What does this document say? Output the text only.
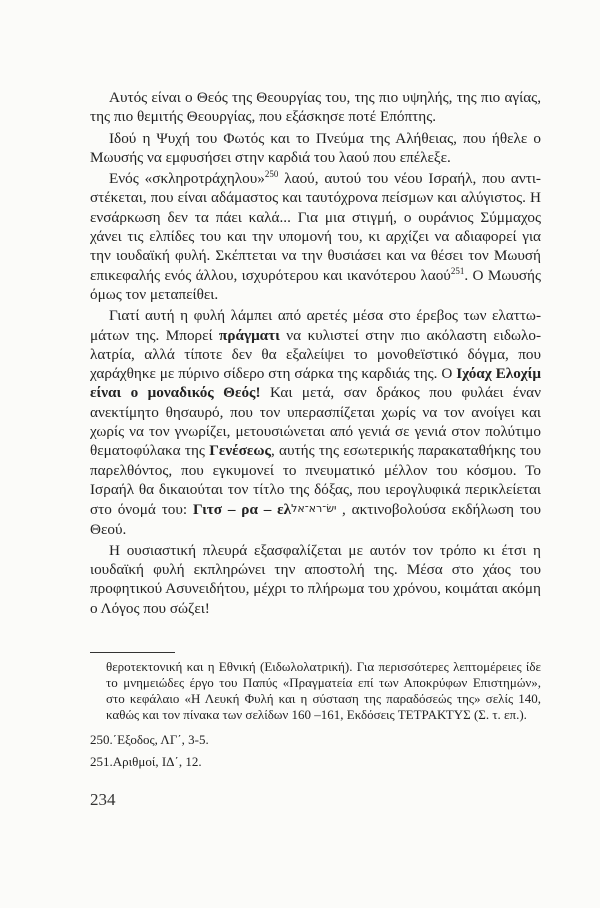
Αυτός είναι ο Θεός της Θεουργίας του, της πιο υψηλής, της πιο αγίας, της πιο θεμιτής Θεουργίας, που εξάσκησε ποτέ Επόπτης.

Ιδού η Ψυχή του Φωτός και το Πνεύμα της Αλήθειας, που ήθελε ο Μωυσής να εμφυσήσει στην καρδιά του λαού που επέλεξε.

Ενός «σκληροτράχηλου»$^{250}$ λαού, αυτού του νέου Ισραήλ, που αντιστέκεται, που είναι αδάμαστος και ταυτόχρονα πείσμων και αλύγιστος. Η ενσάρκωση δεν τα πάει καλά... Για μια στιγμή, ο ουράνιος Σύμμαχος χάνει τις ελπίδες του και την υπομονή του, κι αρχίζει να αδιαφορεί για την ιουδαϊκή φυλή. Σκέπτεται να την θυσιάσει και να θέσει τον Μωυσή επικεφαλής ενός άλλου, ισχυρότερου και ικανότερου λαού$^{251}$. Ο Μωυσής όμως τον μεταπείθει.

Γιατί αυτή η φυλή λάμπει από αρετές μέσα στο έρεβος των ελαττωμάτων της. Μπορεί πράγματι να κυλιστεί στην πιο ακόλαστη ειδωλολατρία, αλλά τίποτε δεν θα εξαλείψει το μονοθεϊστικό δόγμα, που χαράχθηκε με πύρινο σίδερο στη σάρκα της καρδιάς της. Ο Ιχόαχ Ελοχίμ είναι ο μοναδικός Θεός! Και μετά, σαν δράκος που φυλάει έναν ανεκτίμητο θησαυρό, που τον υπερασπίζεται χωρίς να τον ανοίγει και χωρίς να τον γνωρίζει, μετουσιώνεται από γενιά σε γενιά στον πολύτιμο θεματοφύλακα της Γενέσεως, αυτής της εσωτερικής παρακαταθήκης του παρελθόντος, που εγκυμονεί το πνευματικό μέλλον του κόσμου. Το Ισραήλ θα δικαιούται τον τίτλο της δόξας, που ιερογλυφικά περικλείεται στο όνομά του: Γιτσ – ρα – ελ ישׂ־רא־אל, ακτινοβολούσα εκδήλωση του Θεού.

Η ουσιαστική πλευρά εξασφαλίζεται με αυτόν τον τρόπο κι έτσι η ιουδαϊκή φυλή εκπληρώνει την αποστολή της. Μέσα στο χάος του προφητικού Ασυνειδήτου, μέχρι το πλήρωμα του χρόνου, κοιμάται ακόμη ο Λόγος που σώζει!

θεροτεκτονική και η Εθνική (Ειδωλολατρική). Για περισσότερες λεπτομέρειες ίδε το μνημειώδες έργο του Παπύς «Πραγματεία επί των Αποκρύφων Επιστημών», στο κεφάλαιο «Η Λευκή Φυλή και η σύσταση της παραδόσεώς της» σελίς 140, καθώς και τον πίνακα των σελίδων 160 –161, Εκδόσεις ΤΕΤΡΑΚΤΥΣ (Σ. τ. επ.).

250.΄Εξοδος, ΛΓ΄, 3-5.

251.Αριθμοί, ΙΔ΄, 12.

234
